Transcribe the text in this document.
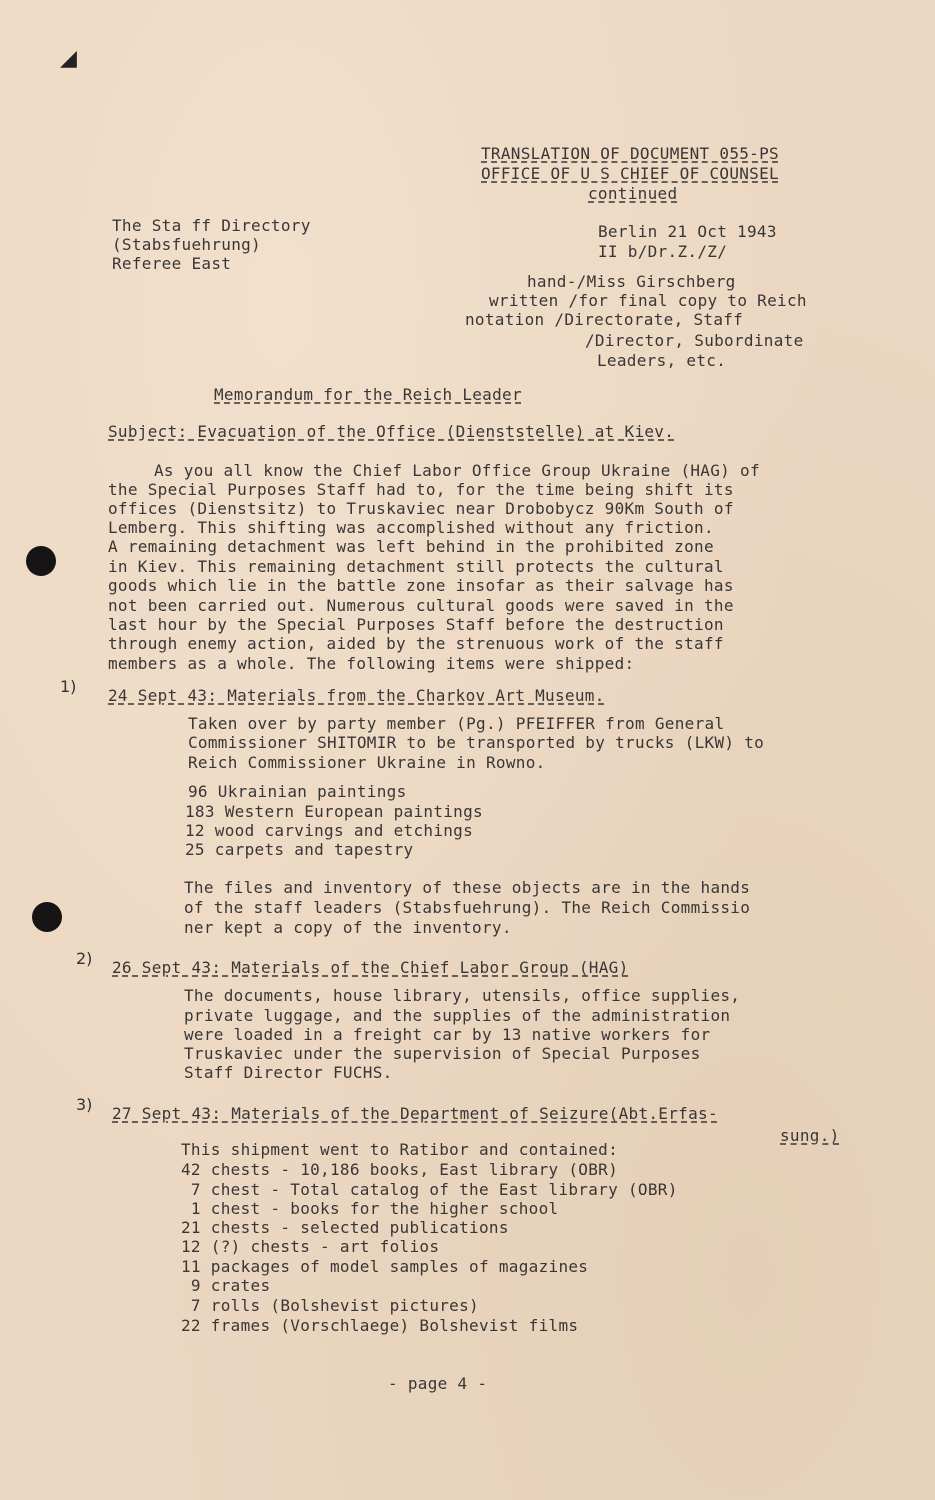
◢

TRANSLATION OF DOCUMENT 055-PS

OFFICE OF U S CHIEF OF COUNSEL

continued

The Sta ff Directory

(Stabsfuehrung)

Referee East

Berlin 21 Oct 1943

II b/Dr.Z./Z/

hand-/Miss Girschberg

written /for final copy to Reich

notation /Directorate, Staff

/Director, Subordinate

Leaders, etc.

Memorandum for the Reich Leader

Subject: Evacuation of the Office (Dienststelle) at Kiev.

As you all know the Chief Labor Office Group Ukraine (HAG) of

the Special Purposes Staff had to, for the time being shift its

offices (Dienstsitz) to Truskaviec near Drobobycz 90Km South of

Lemberg. This shifting was accomplished without any friction.

A remaining detachment was left behind in the prohibited zone

in Kiev. This remaining detachment still protects the cultural

goods which lie in the battle zone insofar as their salvage has

not been carried out. Numerous cultural goods were saved in the

last hour by the Special Purposes Staff before the destruction

through enemy action, aided by the strenuous work of the staff

members as a whole. The following items were shipped:

1) 24 Sept 43: Materials from the Charkov Art Museum.

Taken over by party member (Pg.) PFEIFFER from General

Commissioner SHITOMIR to be transported by trucks (LKW) to

Reich Commissioner Ukraine in Rowno.

96 Ukrainian paintings

183 Western European paintings

12 wood carvings and etchings

25 carpets and tapestry

The files and inventory of these objects are in the hands

of the staff leaders (Stabsfuehrung). The Reich Commissio

ner kept a copy of the inventory.

2) 26 Sept 43: Materials of the Chief Labor Group (HAG)

The documents, house library, utensils, office supplies,

private luggage, and the supplies of the administration

were loaded in a freight car by 13 native workers for

Truskaviec under the supervision of Special Purposes

Staff Director FUCHS.

3) 27 Sept 43: Materials of the Department of Seizure(Abt.Erfas-

sung.)

This shipment went to Ratibor and contained:

42 chests - 10,186 books, East library (OBR)

7 chest - Total catalog of the East library (OBR)

1 chest - books for the higher school

21 chests - selected publications

12 (?) chests - art folios

11 packages of model samples of magazines

9 crates

7 rolls (Bolshevist pictures)

22 frames (Vorschlaege) Bolshevist films

- page 4 -
